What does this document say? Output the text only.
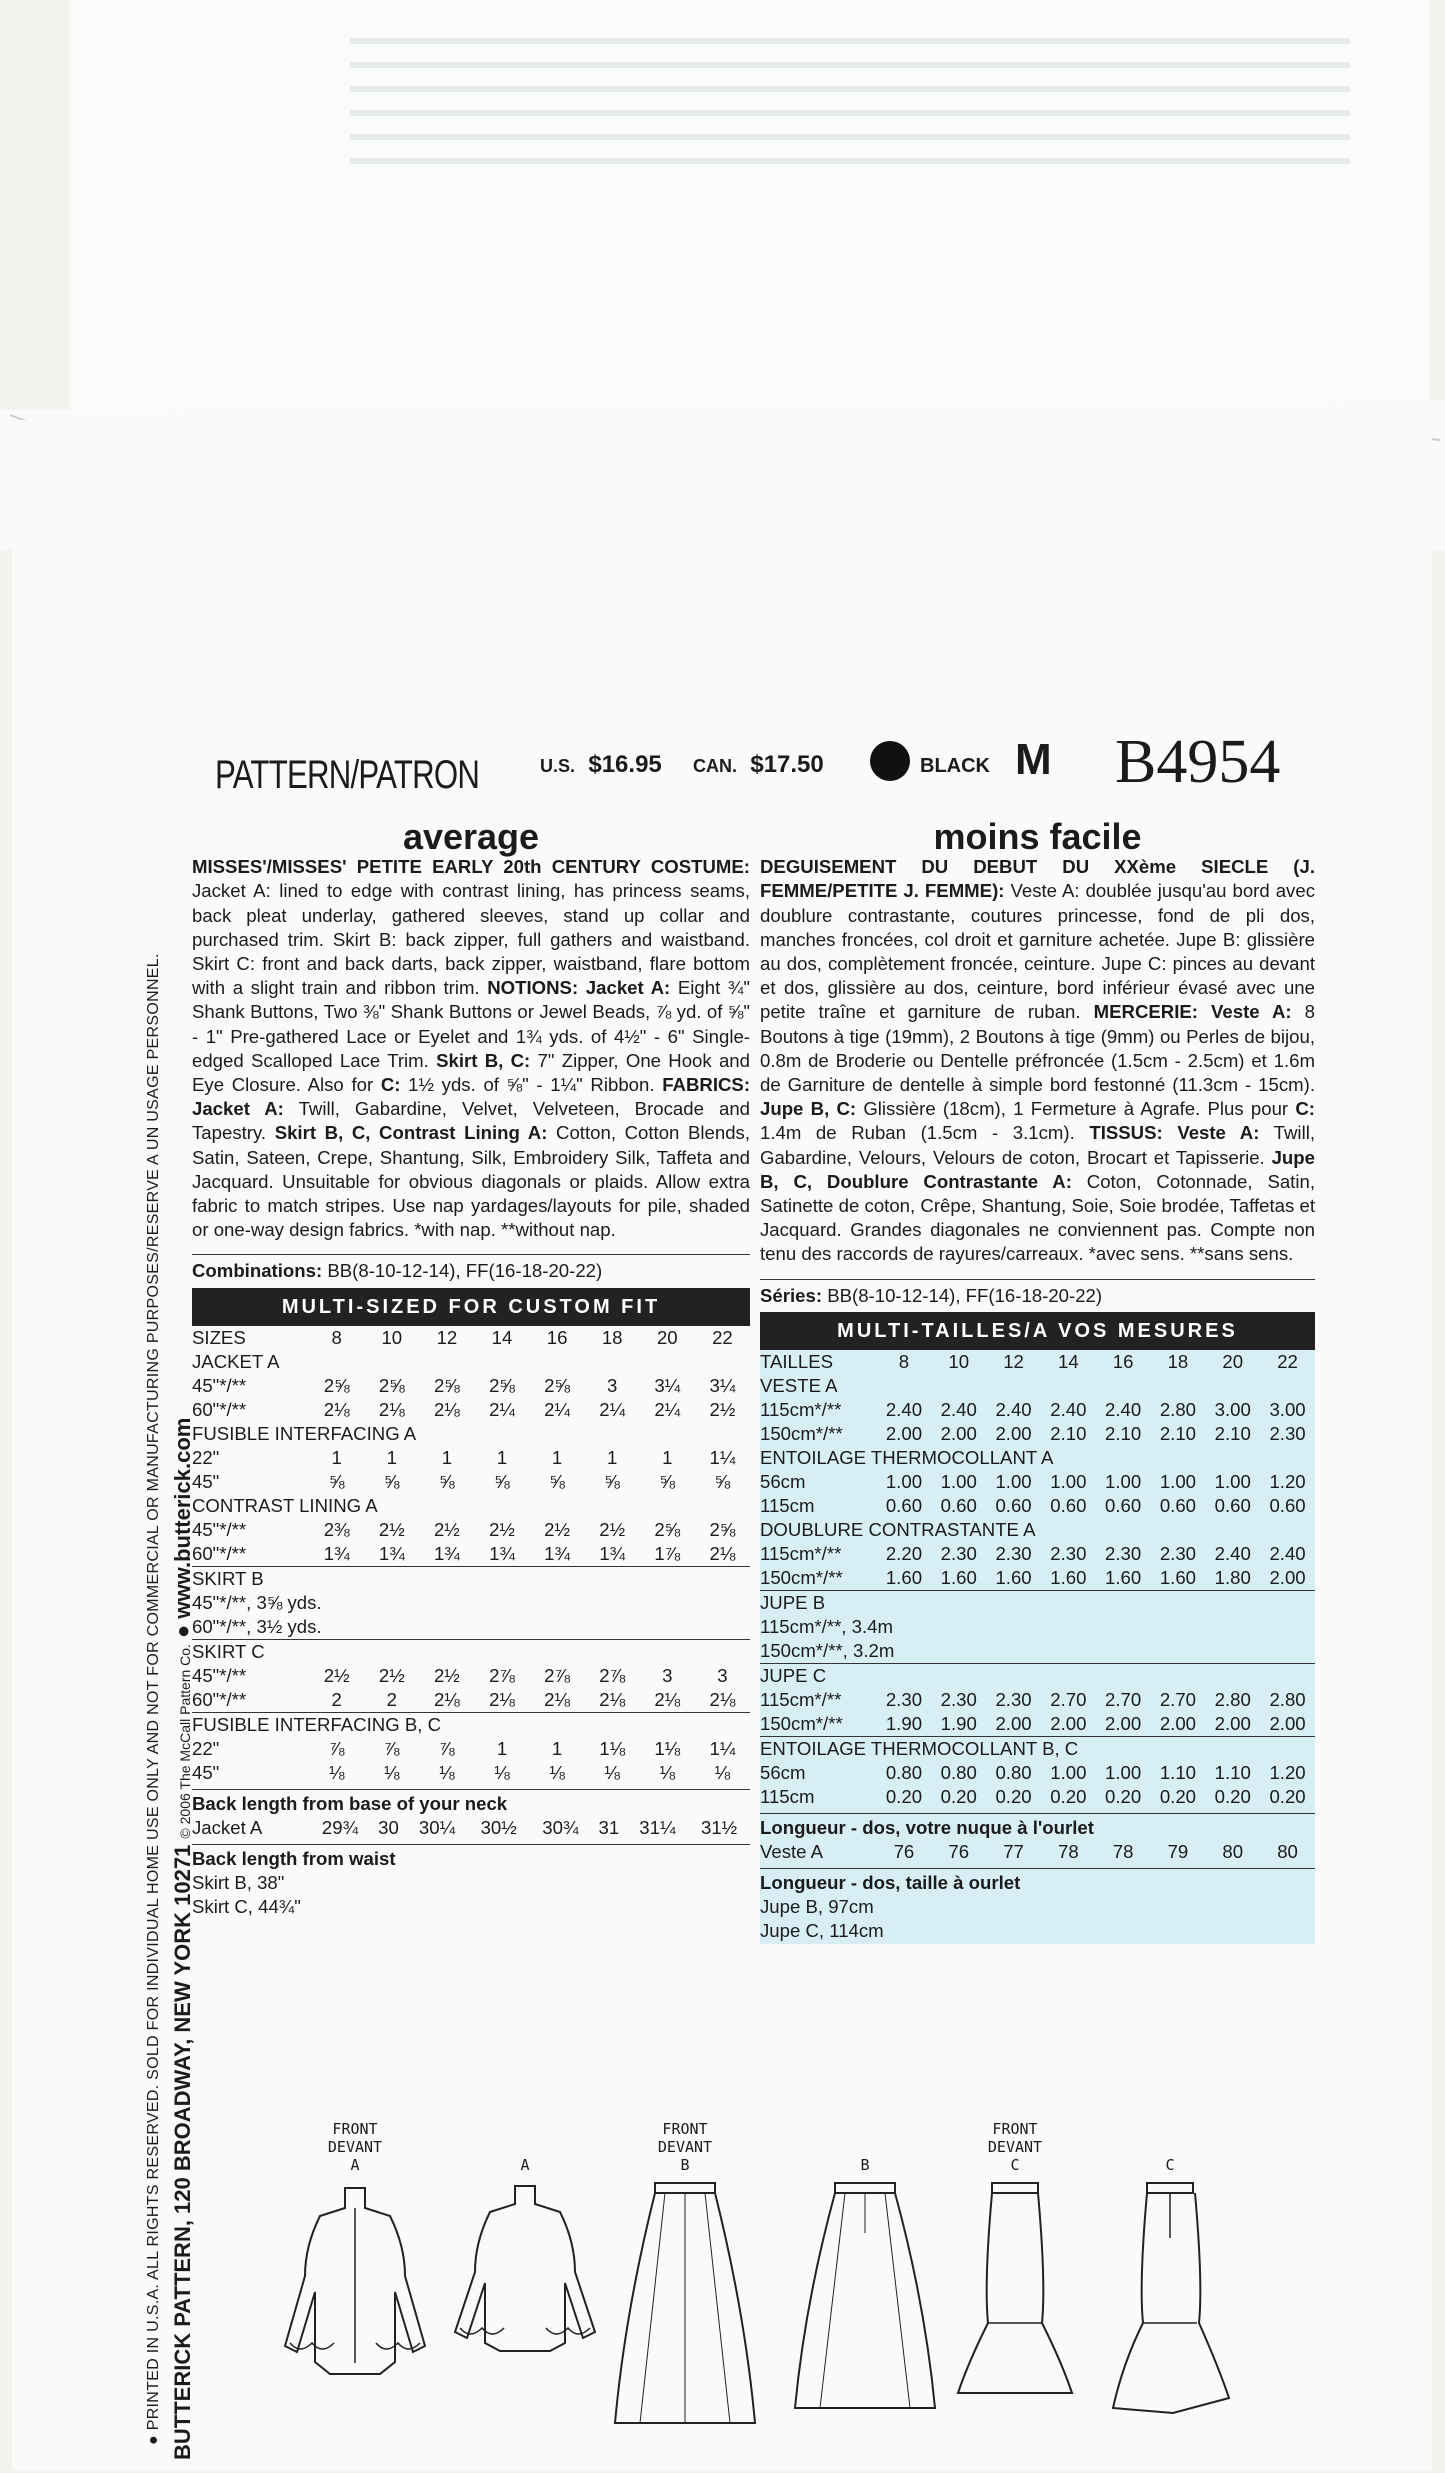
PATTERN/PATRON	U.S. $16.95 CAN. $17.50	BLACK M B4954
average
MISSES'/MISSES' PETITE EARLY 20th CENTURY COSTUME: Jacket A: lined to edge with contrast lining, has princess seams, back pleat underlay, gathered sleeves, stand up collar and purchased trim. Skirt B: back zipper, full gathers and waistband. Skirt C: front and back darts, back zipper, waistband, flare bottom with a slight train and ribbon trim. NOTIONS: Jacket A: Eight ¾" Shank Buttons, Two ⅜" Shank Buttons or Jewel Beads, ⅞ yd. of ⅝" - 1" Pre-gathered Lace or Eyelet and 1¾ yds. of 4½" - 6" Single-edged Scalloped Lace Trim. Skirt B, C: 7" Zipper, One Hook and Eye Closure. Also for C: 1½ yds. of ⅝" - 1¼" Ribbon. FABRICS: Jacket A: Twill, Gabardine, Velvet, Velveteen, Brocade and Tapestry. Skirt B, C, Contrast Lining A: Cotton, Cotton Blends, Satin, Sateen, Crepe, Shantung, Silk, Embroidery Silk, Taffeta and Jacquard. Unsuitable for obvious diagonals or plaids. Allow extra fabric to match stripes. Use nap yardages/layouts for pile, shaded or one-way design fabrics. *with nap. **without nap.
Combinations: BB(8-10-12-14), FF(16-18-20-22)
MULTI-SIZED FOR CUSTOM FIT
SIZES	8	10	12	14	16	18	20	22
JACKET A								
45"*/**	2⅝	2⅝	2⅝	2⅝	2⅝	3	3¼	3¼
60"*/**	2⅛	2⅛	2⅛	2¼	2¼	2¼	2¼	2½
FUSIBLE INTERFACING A								
22"	1	1	1	1	1	1	1	1¼
45"	⅝	⅝	⅝	⅝	⅝	⅝	⅝	⅝
CONTRAST LINING A								
45"*/**	2⅜	2½	2½	2½	2½	2½	2⅝	2⅝
60"*/**	1¾	1¾	1¾	1¾	1¾	1¾	1⅞	2⅛
SKIRT B								
45"*/**, 3⅝ yds.								
60"*/**, 3½ yds.								
SKIRT C								
45"*/**	2½	2½	2½	2⅞	2⅞	2⅞	3	3
60"*/**	2	2	2⅛	2⅛	2⅛	2⅛	2⅛	2⅛
FUSIBLE INTERFACING B, C								
22"	⅞	⅞	⅞	1	1	1⅛	1⅛	1¼
45"	⅛	⅛	⅛	⅛	⅛	⅛	⅛	⅛
Back length from base of your neck
Jacket A	29¾	30	30¼	30½	30¾	31	31¼	31½
Back length from waist
Skirt B, 38"
Skirt C, 44¾"
moins facile
DEGUISEMENT DU DEBUT DU XXème SIECLE (J. FEMME/PETITE J. FEMME): Veste A: doublée jusqu'au bord avec doublure contrastante, coutures princesse, fond de pli dos, manches froncées, col droit et garniture achetée. Jupe B: glissière au dos, complètement froncée, ceinture. Jupe C: pinces au devant et dos, glissière au dos, ceinture, bord inférieur évasé avec une petite traîne et garniture de ruban. MERCERIE: Veste A: 8 Boutons à tige (19mm), 2 Boutons à tige (9mm) ou Perles de bijou, 0.8m de Broderie ou Dentelle préfroncée (1.5cm - 2.5cm) et 1.6m de Garniture de dentelle à simple bord festonné (11.3cm - 15cm). Jupe B, C: Glissière (18cm), 1 Fermeture à Agrafe. Plus pour C: 1.4m de Ruban (1.5cm - 3.1cm). TISSUS: Veste A: Twill, Gabardine, Velours, Velours de coton, Brocart et Tapisserie. Jupe B, C, Doublure Contrastante A: Coton, Cotonnade, Satin, Satinette de coton, Crêpe, Shantung, Soie, Soie brodée, Taffetas et Jacquard. Grandes diagonales ne conviennent pas. Compte non tenu des raccords de rayures/carreaux. *avec sens. **sans sens.
Séries: BB(8-10-12-14), FF(16-18-20-22)
MULTI-TAILLES/A VOS MESURES
TAILLES	8	10	12	14	16	18	20	22
VESTE A								
115cm*/**	2.40	2.40	2.40	2.40	2.40	2.80	3.00	3.00
150cm*/**	2.00	2.00	2.00	2.10	2.10	2.10	2.10	2.30
ENTOILAGE THERMOCOLLANT A								
56cm	1.00	1.00	1.00	1.00	1.00	1.00	1.00	1.20
115cm	0.60	0.60	0.60	0.60	0.60	0.60	0.60	0.60
DOUBLURE CONTRASTANTE A								
115cm*/**	2.20	2.30	2.30	2.30	2.30	2.30	2.40	2.40
150cm*/**	1.60	1.60	1.60	1.60	1.60	1.60	1.80	2.00
JUPE B								
115cm*/**, 3.4m								
150cm*/**, 3.2m								
JUPE C								
115cm*/**	2.30	2.30	2.30	2.70	2.70	2.70	2.80	2.80
150cm*/**	1.90	1.90	2.00	2.00	2.00	2.00	2.00	2.00
ENTOILAGE THERMOCOLLANT B, C								
56cm	0.80	0.80	0.80	1.00	1.00	1.10	1.10	1.20
115cm	0.20	0.20	0.20	0.20	0.20	0.20	0.20	0.20
Longueur - dos, votre nuque à l'ourlet
Veste A	76	76	77	78	78	79	80	80
Longueur - dos, taille à ourlet
Jupe B, 97cm
Jupe C, 114cm
BUTTERICK PATTERN, 120 BROADWAY, NEW YORK 10271 © 2006 The McCall Pattern Co. ● www.butterick.com
● PRINTED IN U.S.A. ALL RIGHTS RESERVED. SOLD FOR INDIVIDUAL HOME USE ONLY AND NOT FOR COMMERCIAL OR MANUFACTURING PURPOSES/RESERVE A UN USAGE PERSONNEL.	FRONT
DEVANT
A	A
FRONT
DEVANT
B	B
FRONT
DEVANT
C	C
